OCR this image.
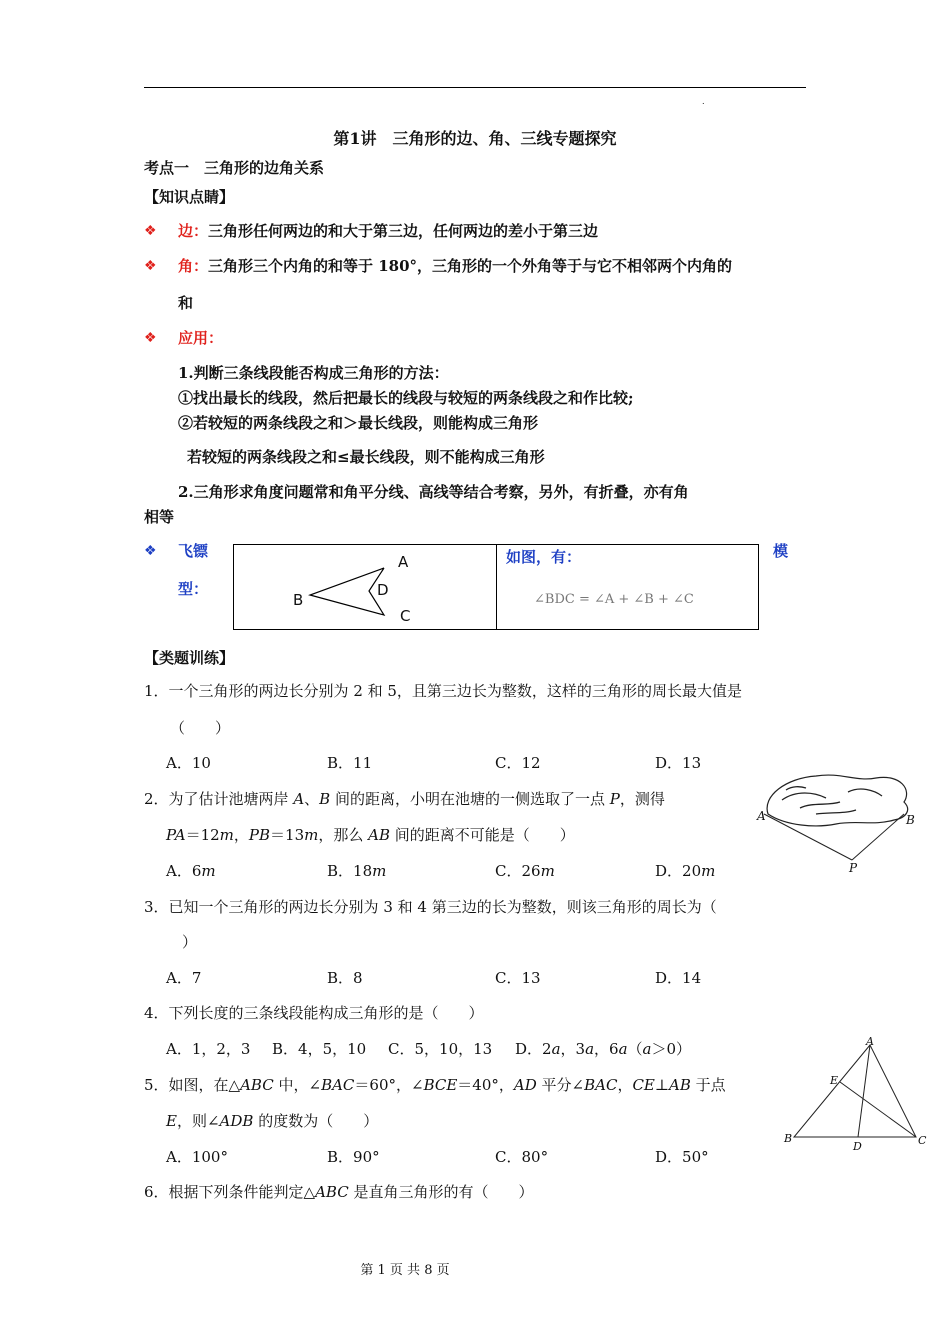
.
第1讲　三角形的边、角、三线专题探究
考点一　三角形的边角关系
【知识点睛】
❖ 边：三角形任何两边的和大于第三边，任何两边的差小于第三边
❖ 角：三角形三个内角的和等于 180°，三角形的一个外角等于与它不相邻两个内角的
和
❖ 应用：
1.判断三条线段能否构成三角形的方法：
①找出最长的线段，然后把最长的线段与较短的两条线段之和作比较;
②若较短的两条线段之和＞最长线段，则能构成三角形
若较短的两条线段之和≤最长线段，则不能构成三角形
2.三角形求角度问题常和角平分线、高线等结合考察，另外，有折叠，亦有角
相等
❖ 飞镖
型：
模
A
B
D
C
如图，有：
∠BDC = ∠A + ∠B + ∠C
【类题训练】
1．一个三角形的两边长分别为 2 和 5，且第三边长为整数，这样的三角形的周长最大值是
（　　）
A．10	B．11	C．12	D．13
2．为了估计池塘两岸 A、B 间的距离，小明在池塘的一侧选取了一点 P，测得
PA＝12m，PB＝13m，那么 AB 间的距离不可能是（　　）
A．6m	B．18m	C．26m	D．20m
A	B
P
3．已知一个三角形的两边长分别为 3 和 4 第三边的长为整数，则该三角形的周长为（
）
A．7	B．8	C．13	D．14
4．下列长度的三条线段能构成三角形的是（　　）
A．1，2，3 B．4，5，10 C．5，10，13 D．2a，3a，6a（a＞0）
5．如图，在△ABC 中，∠BAC＝60°，∠BCE＝40°，AD 平分∠BAC，CE⊥AB 于点
E，则∠ADB 的度数为（　　）
A．100°	B．90°	C．80°	D．50°
A
E
B
D	C
6．根据下列条件能判定△ABC 是直角三角形的有（　　）
第 1 页 共 8 页
